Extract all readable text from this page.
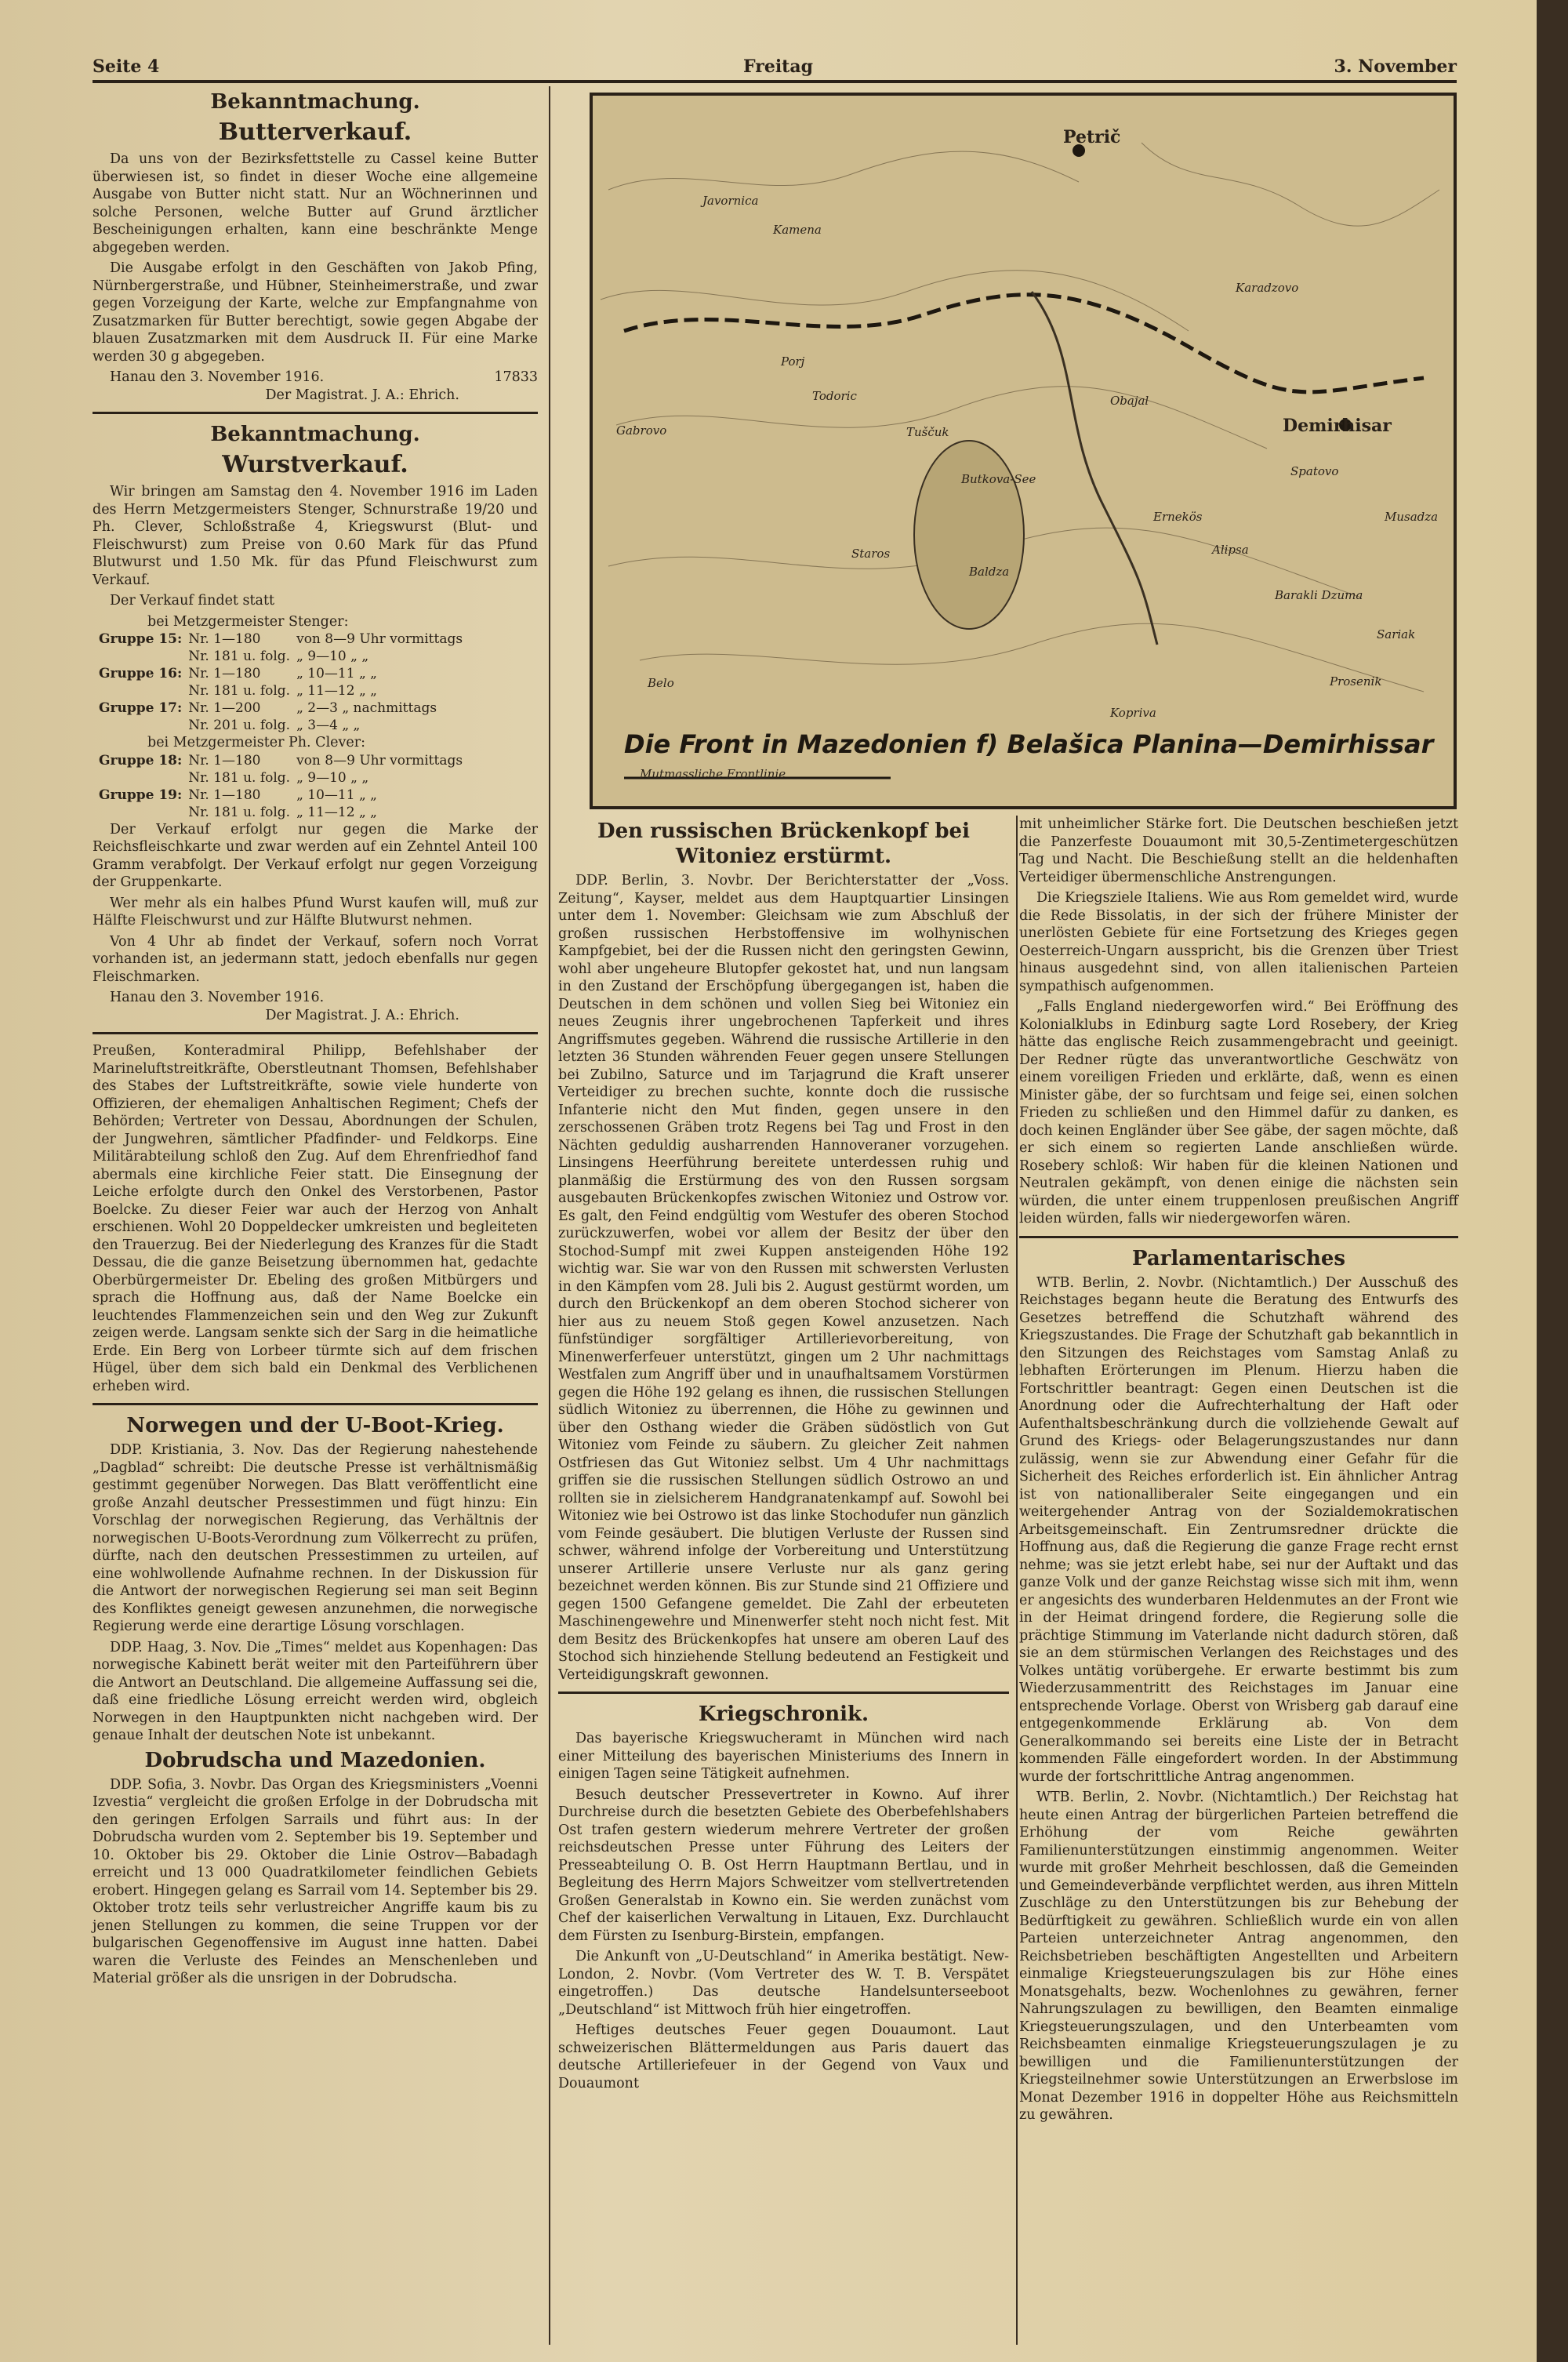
Seite 4	Freitag	3. November
Bekanntmachung.
Butterverkauf.

Da uns von der Bezirksfettstelle zu Cassel keine Butter überwiesen ist, so findet in dieser Woche eine allgemeine Ausgabe von Butter nicht statt. Nur an Wöchnerinnen und solche Personen, welche Butter auf Grund ärztlicher Bescheinigungen erhalten, kann eine beschränkte Menge abgegeben werden.

Die Ausgabe erfolgt in den Geschäften von Jakob Pfing, Nürnbergerstraße, und Hübner, Steinheimerstraße, und zwar gegen Vorzeigung der Karte, welche zur Empfangnahme von Zusatzmarken für Butter berechtigt, sowie gegen Abgabe der blauen Zusatzmarken mit dem Ausdruck II. Für eine Marke werden 30 g abgegeben.

Hanau den 3. November 1916.	17833
Der Magistrat. J. A.: Ehrich.
Bekanntmachung.
Wurstverkauf.

Wir bringen am Samstag den 4. November 1916 im Laden des Herrn Metzgermeisters Stenger, Schnurstraße 19/20 und Ph. Clever, Schloßstraße 4, Kriegswurst (Blut- und Fleischwurst) zum Preise von 0.60 Mark für das Pfund Blutwurst und 1.50 Mk. für das Pfund Fleischwurst zum Verkauf.

Der Verkauf findet statt

bei Metzgermeister Stenger:
Gruppe 15:	Nr. 1—180	von 8—9 Uhr vormittags
	Nr. 181 u. folg.	„ 9—10 „ „
Gruppe 16:	Nr. 1—180	„ 10—11 „ „
	Nr. 181 u. folg.	„ 11—12 „ „
Gruppe 17:	Nr. 1—200	„ 2—3 „ nachmittags
	Nr. 201 u. folg.	„ 3—4 „ „
bei Metzgermeister Ph. Clever:
Gruppe 18:	Nr. 1—180	von 8—9 Uhr vormittags
	Nr. 181 u. folg.	„ 9—10 „ „
Gruppe 19:	Nr. 1—180	„ 10—11 „ „
	Nr. 181 u. folg.	„ 11—12 „ „

Der Verkauf erfolgt nur gegen die Marke der Reichsfleischkarte und zwar werden auf ein Zehntel Anteil 100 Gramm verabfolgt. Der Verkauf erfolgt nur gegen Vorzeigung der Gruppenkarte.

Wer mehr als ein halbes Pfund Wurst kaufen will, muß zur Hälfte Fleischwurst und zur Hälfte Blutwurst nehmen.

Von 4 Uhr ab findet der Verkauf, sofern noch Vorrat vorhanden ist, an jedermann statt, jedoch ebenfalls nur gegen Fleischmarken.

Hanau den 3. November 1916.
Der Magistrat. J. A.: Ehrich.

Preußen, Konteradmiral Philipp, Befehlshaber der Marineluftstreitkräfte, Oberstleutnant Thomsen, Befehlshaber des Stabes der Luftstreitkräfte, sowie viele hunderte von Offizieren, der ehemaligen Anhaltischen Regiment; Chefs der Behörden; Vertreter von Dessau, Abordnungen der Schulen, der Jungwehren, sämtlicher Pfadfinder- und Feldkorps. Eine Militärabteilung schloß den Zug. Auf dem Ehrenfriedhof fand abermals eine kirchliche Feier statt. Die Einsegnung der Leiche erfolgte durch den Onkel des Verstorbenen, Pastor Boelcke. Zu dieser Feier war auch der Herzog von Anhalt erschienen. Wohl 20 Doppeldecker umkreisten und begleiteten den Trauerzug. Bei der Niederlegung des Kranzes für die Stadt Dessau, die die ganze Beisetzung übernommen hat, gedachte Oberbürgermeister Dr. Ebeling des großen Mitbürgers und sprach die Hoffnung aus, daß der Name Boelcke ein leuchtendes Flammenzeichen sein und den Weg zur Zukunft zeigen werde. Langsam senkte sich der Sarg in die heimatliche Erde. Ein Berg von Lorbeer türmte sich auf dem frischen Hügel, über dem sich bald ein Denkmal des Verblichenen erheben wird.

Norwegen und der U-Boot-Krieg.

DDP. Kristiania, 3. Nov. Das der Regierung nahestehende „Dagblad“ schreibt: Die deutsche Presse ist verhältnismäßig gestimmt gegenüber Norwegen. Das Blatt veröffentlicht eine große Anzahl deutscher Pressestimmen und fügt hinzu: Ein Vorschlag der norwegischen Regierung, das Verhältnis der norwegischen U-Boots-Verordnung zum Völkerrecht zu prüfen, dürfte, nach den deutschen Pressestimmen zu urteilen, auf eine wohlwollende Aufnahme rechnen. In der Diskussion für die Antwort der norwegischen Regierung sei man seit Beginn des Konfliktes geneigt gewesen anzunehmen, die norwegische Regierung werde eine derartige Lösung vorschlagen.

DDP. Haag, 3. Nov. Die „Times“ meldet aus Kopenhagen: Das norwegische Kabinett berät weiter mit den Parteiführern über die Antwort an Deutschland. Die allgemeine Auffassung sei die, daß eine friedliche Lösung erreicht werden wird, obgleich Norwegen in den Hauptpunkten nicht nachgeben wird. Der genaue Inhalt der deutschen Note ist unbekannt.

Dobrudscha und Mazedonien.

DDP. Sofia, 3. Novbr. Das Organ des Kriegsministers „Voenni Izvestia“ vergleicht die großen Erfolge in der Dobrudscha mit den geringen Erfolgen Sarrails und führt aus: In der Dobrudscha wurden vom 2. September bis 19. September und 10. Oktober bis 29. Oktober die Linie Ostrov—Babadagh erreicht und 13 000 Quadratkilometer feindlichen Gebiets erobert. Hingegen gelang es Sarrail vom 14. September bis 29. Oktober trotz teils sehr verlustreicher Angriffe kaum bis zu jenen Stellungen zu kommen, die seine Truppen vor der bulgarischen Gegenoffensive im August inne hatten. Dabei waren die Verluste des Feindes an Menschenleben und Material größer als die unsrigen in der Dobrudscha.

Petrič
Demirhisar
Butkova-See
Baldza
Staros
Todoric
Javornica
Kamena
Ernekös
Alipsa
Barakli Dzuma
Sariak
Prosenik
Kopriva
Belo
Porj
Gabrovo
Spatovo
Musadza
Karadzovo
Obajal
Tuščuk
Die Front in Mazedonien f) Belašica Planina—Demirhissar
Mutmassliche Frontlinie
Den russischen Brückenkopf bei Witoniez erstürmt.

DDP. Berlin, 3. Novbr. Der Berichterstatter der „Voss. Zeitung“, Kayser, meldet aus dem Hauptquartier Linsingen unter dem 1. November: Gleichsam wie zum Abschluß der großen russischen Herbstoffensive im wolhynischen Kampfgebiet, bei der die Russen nicht den geringsten Gewinn, wohl aber ungeheure Blutopfer gekostet hat, und nun langsam in den Zustand der Erschöpfung übergegangen ist, haben die Deutschen in dem schönen und vollen Sieg bei Witoniez ein neues Zeugnis ihrer ungebrochenen Tapferkeit und ihres Angriffsmutes gegeben. Während die russische Artillerie in den letzten 36 Stunden währenden Feuer gegen unsere Stellungen bei Zubilno, Saturce und im Tarjagrund die Kraft unserer Verteidiger zu brechen suchte, konnte doch die russische Infanterie nicht den Mut finden, gegen unsere in den zerschossenen Gräben trotz Regens bei Tag und Frost in den Nächten geduldig ausharrenden Hannoveraner vorzugehen. Linsingens Heerführung bereitete unterdessen ruhig und planmäßig die Erstürmung des von den Russen sorgsam ausgebauten Brückenkopfes zwischen Witoniez und Ostrow vor. Es galt, den Feind endgültig vom Westufer des oberen Stochod zurückzuwerfen, wobei vor allem der Besitz der über den Stochod-Sumpf mit zwei Kuppen ansteigenden Höhe 192 wichtig war. Sie war von den Russen mit schwersten Verlusten in den Kämpfen vom 28. Juli bis 2. August gestürmt worden, um durch den Brückenkopf an dem oberen Stochod sicherer von hier aus zu neuem Stoß gegen Kowel anzusetzen. Nach fünfstündiger sorgfältiger Artillerievorbereitung, von Minenwerferfeuer unterstützt, gingen um 2 Uhr nachmittags Westfalen zum Angriff über und in unaufhaltsamem Vorstürmen gegen die Höhe 192 gelang es ihnen, die russischen Stellungen südlich Witoniez zu überrennen, die Höhe zu gewinnen und über den Osthang wieder die Gräben südöstlich von Gut Witoniez vom Feinde zu säubern. Zu gleicher Zeit nahmen Ostfriesen das Gut Witoniez selbst. Um 4 Uhr nachmittags griffen sie die russischen Stellungen südlich Ostrowo an und rollten sie in zielsicherem Handgranatenkampf auf. Sowohl bei Witoniez wie bei Ostrowo ist das linke Stochodufer nun gänzlich vom Feinde gesäubert. Die blutigen Verluste der Russen sind schwer, während infolge der Vorbereitung und Unterstützung unserer Artillerie unsere Verluste nur als ganz gering bezeichnet werden können. Bis zur Stunde sind 21 Offiziere und gegen 1500 Gefangene gemeldet. Die Zahl der erbeuteten Maschinengewehre und Minenwerfer steht noch nicht fest. Mit dem Besitz des Brückenkopfes hat unsere am oberen Lauf des Stochod sich hinziehende Stellung bedeutend an Festigkeit und Verteidigungskraft gewonnen.

Kriegschronik.

Das bayerische Kriegswucheramt in München wird nach einer Mitteilung des bayerischen Ministeriums des Innern in einigen Tagen seine Tätigkeit aufnehmen.

Besuch deutscher Pressevertreter in Kowno. Auf ihrer Durchreise durch die besetzten Gebiete des Oberbefehlshabers Ost trafen gestern wiederum mehrere Vertreter der großen reichsdeutschen Presse unter Führung des Leiters der Presseabteilung O. B. Ost Herrn Hauptmann Bertlau, und in Begleitung des Herrn Majors Schweitzer vom stellvertretenden Großen Generalstab in Kowno ein. Sie werden zunächst vom Chef der kaiserlichen Verwaltung in Litauen, Exz. Durchlaucht dem Fürsten zu Isenburg-Birstein, empfangen.

Die Ankunft von „U-Deutschland“ in Amerika bestätigt. New-London, 2. Novbr. (Vom Vertreter des W. T. B. Verspätet eingetroffen.) Das deutsche Handelsunterseeboot „Deutschland“ ist Mittwoch früh hier eingetroffen.

Heftiges deutsches Feuer gegen Douaumont. Laut schweizerischen Blättermeldungen aus Paris dauert das deutsche Artilleriefeuer in der Gegend von Vaux und Douaumont

mit unheimlicher Stärke fort. Die Deutschen beschießen jetzt die Panzerfeste Douaumont mit 30,5-Zentimetergeschützen Tag und Nacht. Die Beschießung stellt an die heldenhaften Verteidiger übermenschliche Anstrengungen.

Die Kriegsziele Italiens. Wie aus Rom gemeldet wird, wurde die Rede Bissolatis, in der sich der frühere Minister der unerlösten Gebiete für eine Fortsetzung des Krieges gegen Oesterreich-Ungarn ausspricht, bis die Grenzen über Triest hinaus ausgedehnt sind, von allen italienischen Parteien sympathisch aufgenommen.

„Falls England niedergeworfen wird.“ Bei Eröffnung des Kolonialklubs in Edinburg sagte Lord Rosebery, der Krieg hätte das englische Reich zusammengebracht und geeinigt. Der Redner rügte das unverantwortliche Geschwätz von einem voreiligen Frieden und erklärte, daß, wenn es einen Minister gäbe, der so furchtsam und feige sei, einen solchen Frieden zu schließen und den Himmel dafür zu danken, es doch keinen Engländer über See gäbe, der sagen möchte, daß er sich einem so regierten Lande anschließen würde. Rosebery schloß: Wir haben für die kleinen Nationen und Neutralen gekämpft, von denen einige die nächsten sein würden, die unter einem truppenlosen preußischen Angriff leiden würden, falls wir niedergeworfen wären.

Parlamentarisches

WTB. Berlin, 2. Novbr. (Nichtamtlich.) Der Ausschuß des Reichstages begann heute die Beratung des Entwurfs des Gesetzes betreffend die Schutzhaft während des Kriegszustandes. Die Frage der Schutzhaft gab bekanntlich in den Sitzungen des Reichstages vom Samstag Anlaß zu lebhaften Erörterungen im Plenum. Hierzu haben die Fortschrittler beantragt: Gegen einen Deutschen ist die Anordnung oder die Aufrechterhaltung der Haft oder Aufenthaltsbeschränkung durch die vollziehende Gewalt auf Grund des Kriegs- oder Belagerungszustandes nur dann zulässig, wenn sie zur Abwendung einer Gefahr für die Sicherheit des Reiches erforderlich ist. Ein ähnlicher Antrag ist von nationalliberaler Seite eingegangen und ein weitergehender Antrag von der Sozialdemokratischen Arbeitsgemeinschaft. Ein Zentrumsredner drückte die Hoffnung aus, daß die Regierung die ganze Frage recht ernst nehme; was sie jetzt erlebt habe, sei nur der Auftakt und das ganze Volk und der ganze Reichstag wisse sich mit ihm, wenn er angesichts des wunderbaren Heldenmutes an der Front wie in der Heimat dringend fordere, die Regierung solle die prächtige Stimmung im Vaterlande nicht dadurch stören, daß sie an dem stürmischen Verlangen des Reichstages und des Volkes untätig vorübergehe. Er erwarte bestimmt bis zum Wiederzusammentritt des Reichstages im Januar eine entsprechende Vorlage. Oberst von Wrisberg gab darauf eine entgegenkommende Erklärung ab. Von dem Generalkommando sei bereits eine Liste der in Betracht kommenden Fälle eingefordert worden. In der Abstimmung wurde der fortschrittliche Antrag angenommen.

WTB. Berlin, 2. Novbr. (Nichtamtlich.) Der Reichstag hat heute einen Antrag der bürgerlichen Parteien betreffend die Erhöhung der vom Reiche gewährten Familienunterstützungen einstimmig angenommen. Weiter wurde mit großer Mehrheit beschlossen, daß die Gemeinden und Gemeindeverbände verpflichtet werden, aus ihren Mitteln Zuschläge zu den Unterstützungen bis zur Behebung der Bedürftigkeit zu gewähren. Schließlich wurde ein von allen Parteien unterzeichneter Antrag angenommen, den Reichsbetrieben beschäftigten Angestellten und Arbeitern einmalige Kriegsteuerungszulagen bis zur Höhe eines Monatsgehalts, bezw. Wochenlohnes zu gewähren, ferner Nahrungszulagen zu bewilligen, den Beamten einmalige Kriegsteuerungszulagen, und den Unterbeamten vom Reichsbeamten einmalige Kriegsteuerungszulagen je zu bewilligen und die Familienunterstützungen der Kriegsteilnehmer sowie Unterstützungen an Erwerbslose im Monat Dezember 1916 in doppelter Höhe aus Reichsmitteln zu gewähren.
